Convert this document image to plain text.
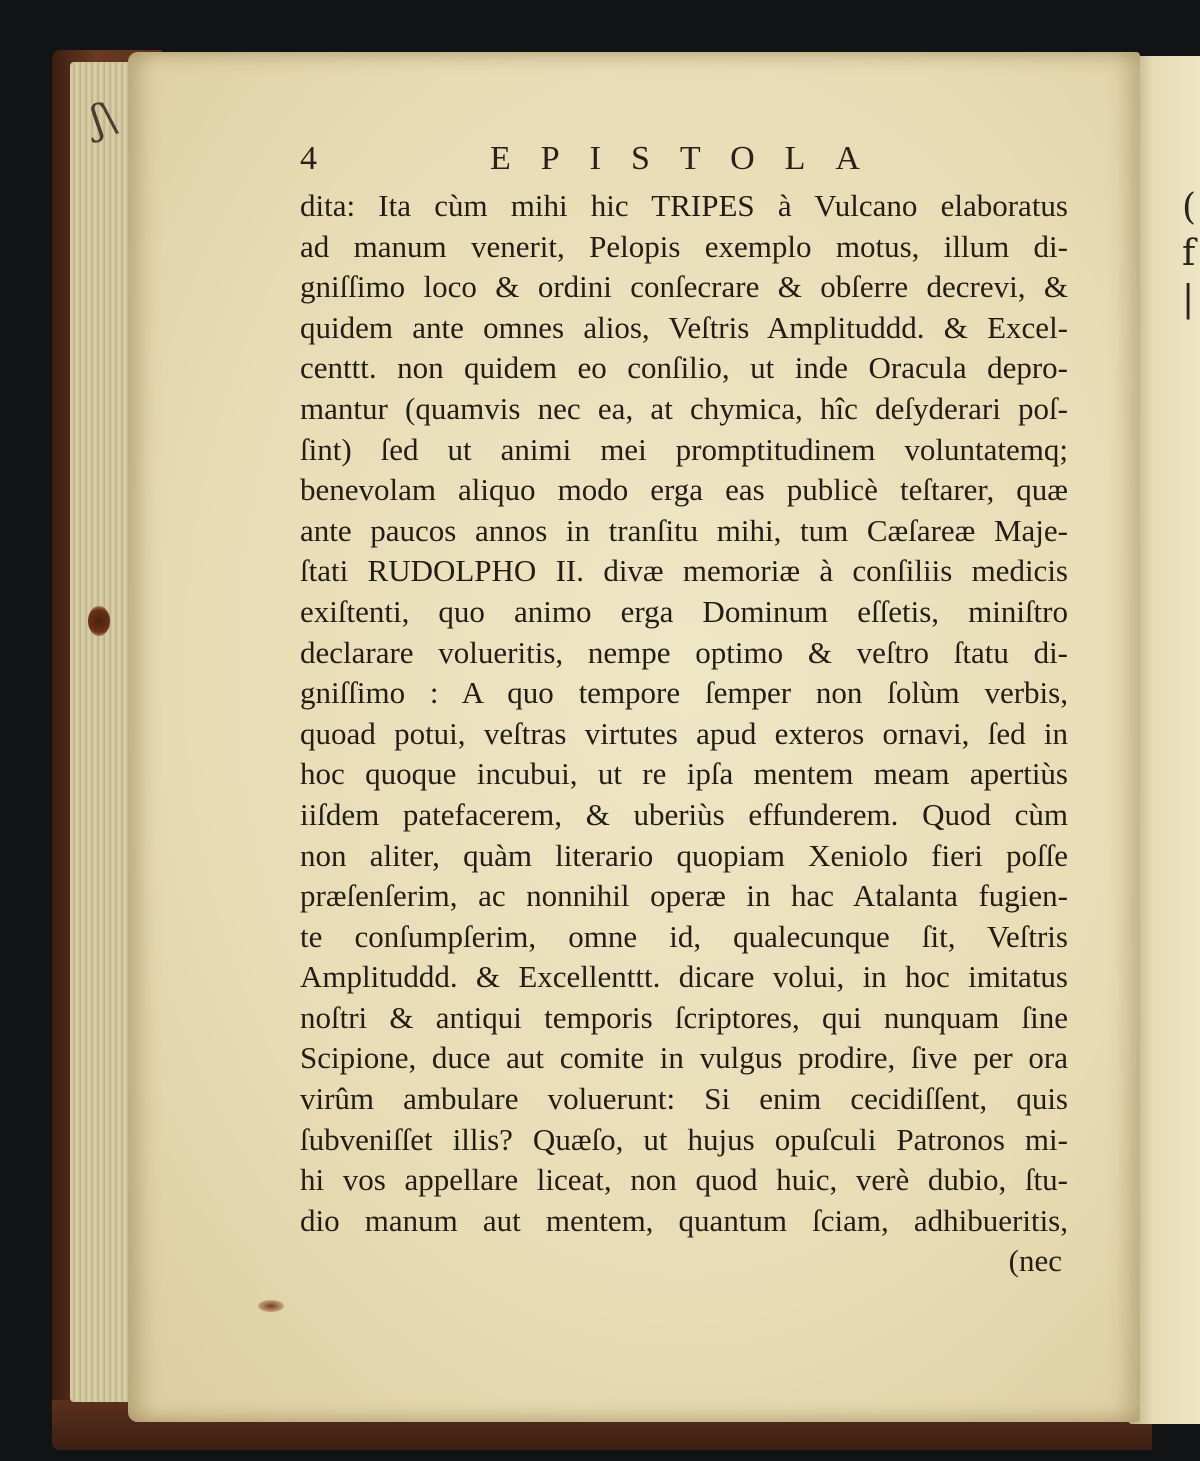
(
f
|
ʃ\
4	EPISTOLA
dita: Ita cùm mihi hic TRIPES à Vulcano elaboratus
ad manum venerit, Pelopis exemplo motus, illum di-
gniſſimo loco & ordini conſecrare & obſerre decrevi, &
quidem ante omnes alios, Veſtris Amplituddd. & Excel-
centtt. non quidem eo conſilio, ut inde Oracula depro-
mantur (quamvis nec ea, at chymica, hîc deſyderari poſ-
ſint) ſed ut animi mei promptitudinem voluntatemq;
benevolam aliquo modo erga eas publicè teſtarer, quæ
ante paucos annos in tranſitu mihi, tum Cæſareæ Maje-
ſtati RUDOLPHO II. divæ memoriæ à conſiliis medicis
exiſtenti, quo animo erga Dominum eſſetis, miniſtro
declarare volueritis, nempe optimo & veſtro ſtatu di-
gniſſimo : A quo tempore ſemper non ſolùm verbis,
quoad potui, veſtras virtutes apud exteros ornavi, ſed in
hoc quoque incubui, ut re ipſa mentem meam apertiùs
iiſdem patefacerem, & uberiùs effunderem. Quod cùm
non aliter, quàm literario quopiam Xeniolo fieri poſſe
præſenſerim, ac nonnihil operæ in hac Atalanta fugien-
te conſumpſerim, omne id, qualecunque ſit, Veſtris
Amplituddd. & Excellenttt. dicare volui, in hoc imitatus
noſtri & antiqui temporis ſcriptores, qui nunquam ſine
Scipione, duce aut comite in vulgus prodire, ſive per ora
virûm ambulare voluerunt: Si enim cecidiſſent, quis
ſubveniſſet illis? Quæſo, ut hujus opuſculi Patronos mi-
hi vos appellare liceat, non quod huic, verè dubio, ſtu-
dio manum aut mentem, quantum ſciam, adhibueritis,
(nec
